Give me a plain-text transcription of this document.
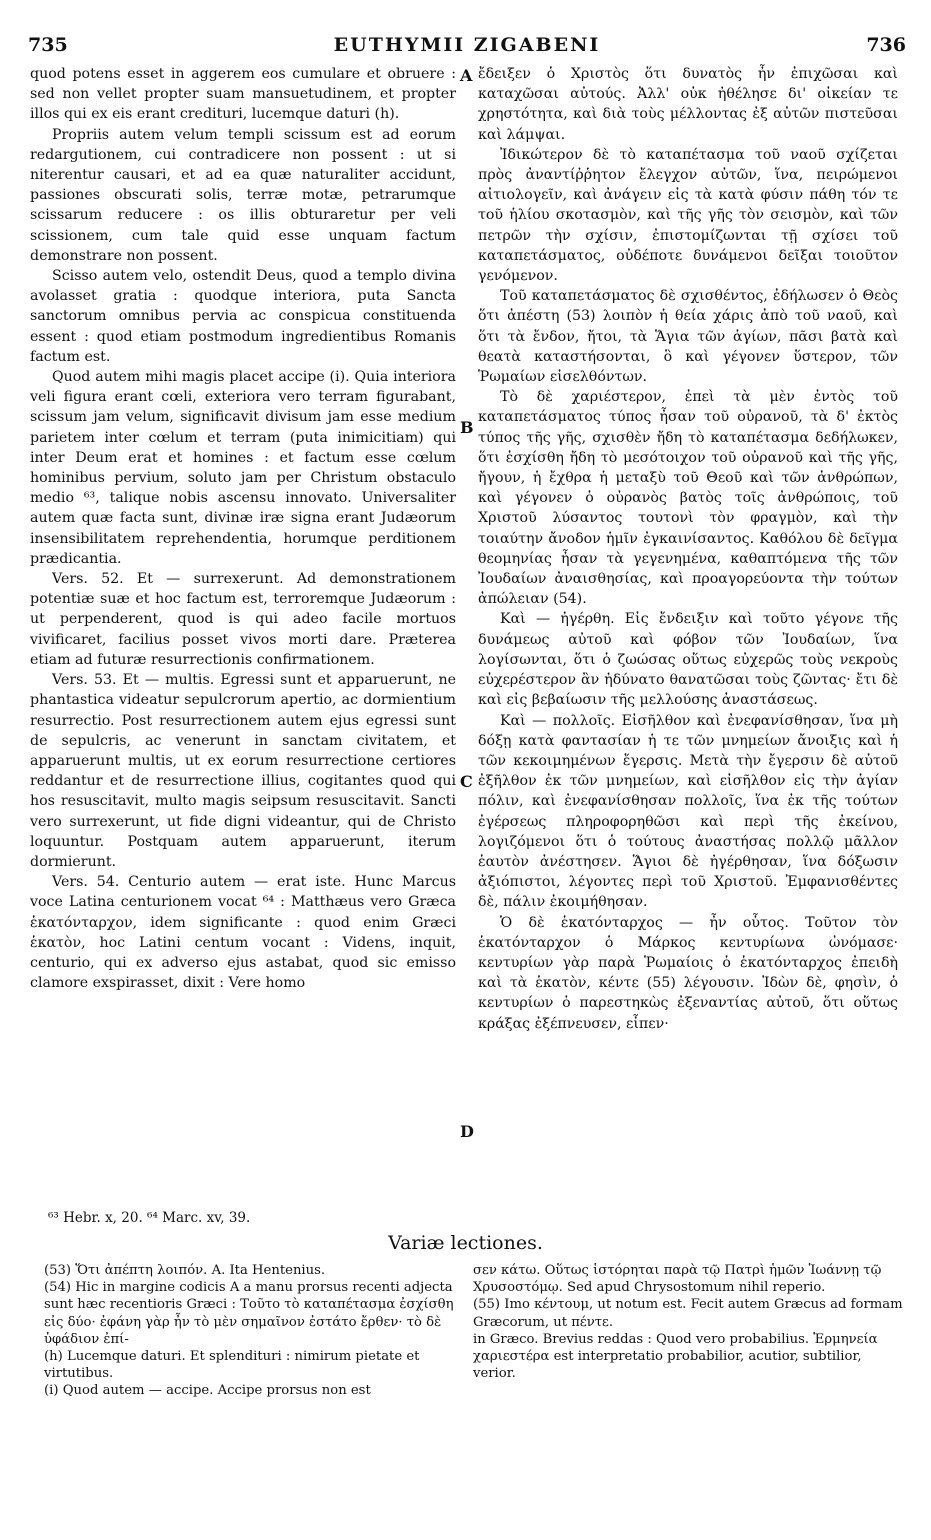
735	EUTHYMII ZIGABENI	736

quod potens esset in aggerem eos cumulare et obruere : sed non vellet propter suam mansuetudinem, et propter illos qui ex eis erant credituri, lucemque daturi (h).

Propriis autem velum templi scissum est ad eorum redargutionem, cui contradicere non possent : ut si niterentur causari, et ad ea quæ naturaliter accidunt, passiones obscurati solis, terræ motæ, petrarumque scissarum reducere : os illis obturaretur per veli scissionem, cum tale quid esse unquam factum demonstrare non possent.

Scisso autem velo, ostendit Deus, quod a templo divina avolasset gratia : quodque interiora, puta Sancta sanctorum omnibus pervia ac conspicua constituenda essent : quod etiam postmodum ingredientibus Romanis factum est.

Quod autem mihi magis placet accipe (i). Quia interiora veli figura erant cœli, exteriora vero terram figurabant, scissum jam velum, significavit divisum jam esse medium parietem inter cœlum et terram (puta inimicitiam) qui inter Deum erat et homines : et factum esse cœlum hominibus pervium, soluto jam per Christum obstaculo medio ⁶³, talique nobis ascensu innovato. Universaliter autem quæ facta sunt, divinæ iræ signa erant Judæorum insensibilitatem reprehendentia, horumque perditionem prædicantia.

Vers. 52. Et — surrexerunt. Ad demonstrationem potentiæ suæ et hoc factum est, terroremque Judæorum : ut perpenderent, quod is qui adeo facile mortuos vivificaret, facilius posset vivos morti dare. Præterea etiam ad futuræ resurrectionis confirmationem.

Vers. 53. Et — multis. Egressi sunt et apparuerunt, ne phantastica videatur sepulcrorum apertio, ac dormientium resurrectio. Post resurrectionem autem ejus egressi sunt de sepulcris, ac venerunt in sanctam civitatem, et apparuerunt multis, ut ex eorum resurrectione certiores reddantur et de resurrectione illius, cogitantes quod qui hos resuscitavit, multo magis seipsum resuscitavit. Sancti vero surrexerunt, ut fide digni videantur, qui de Christo loquuntur. Postquam autem apparuerunt, iterum dormierunt.

Vers. 54. Centurio autem — erat iste. Hunc Marcus voce Latina centurionem vocat ⁶⁴ : Matthæus vero Græca ἑκατόνταρχον, idem significante : quod enim Græci ἑκατὸν, hoc Latini centum vocant : Videns, inquit, centurio, qui ex adverso ejus astabat, quod sic emisso clamore exspirasset, dixit : Vere homo

ἔδειξεν ὁ Χριστὸς ὅτι δυνατὸς ἦν ἐπιχῶσαι καὶ καταχῶσαι αὐτούς. Ἀλλ' οὐκ ἠθέλησε δι' οἰκείαν τε χρηστότητα, καὶ διὰ τοὺς μέλλοντας ἐξ αὐτῶν πιστεῦσαι καὶ λάμψαι.

Ἰδικώτερον δὲ τὸ καταπέτασμα τοῦ ναοῦ σχίζεται πρὸς ἀναντίῤῥητον ἔλεγχον αὐτῶν, ἵνα, πειρώμενοι αἰτιολογεῖν, καὶ ἀνάγειν εἰς τὰ κατὰ φύσιν πάθη τόν τε τοῦ ἡλίου σκοτασμὸν, καὶ τῆς γῆς τὸν σεισμὸν, καὶ τῶν πετρῶν τὴν σχίσιν, ἐπιστομίζωνται τῇ σχίσει τοῦ καταπετάσματος, οὐδέποτε δυνάμενοι δεῖξαι τοιοῦτον γενόμενον.

Τοῦ καταπετάσματος δὲ σχισθέντος, ἐδήλωσεν ὁ Θεὸς ὅτι ἀπέστη (53) λοιπὸν ἡ θεία χάρις ἀπὸ τοῦ ναοῦ, καὶ ὅτι τὰ ἔνδον, ἤτοι, τὰ Ἅγια τῶν ἁγίων, πᾶσι βατὰ καὶ θεατὰ καταστήσονται, ὃ καὶ γέγονεν ὕστερον, τῶν Ῥωμαίων εἰσελθόντων.

Τὸ δὲ χαριέστερον, ἐπεὶ τὰ μὲν ἐντὸς τοῦ καταπετάσματος τύπος ἦσαν τοῦ οὐρανοῦ, τὰ δ' ἐκτὸς τύπος τῆς γῆς, σχισθὲν ἤδη τὸ καταπέτασμα δεδήλωκεν, ὅτι ἐσχίσθη ἤδη τὸ μεσότοιχον τοῦ οὐρανοῦ καὶ τῆς γῆς, ἤγουν, ἡ ἔχθρα ἡ μεταξὺ τοῦ Θεοῦ καὶ τῶν ἀνθρώπων, καὶ γέγονεν ὁ οὐρανὸς βατὸς τοῖς ἀνθρώποις, τοῦ Χριστοῦ λύσαντος τουτονὶ τὸν φραγμὸν, καὶ τὴν τοιαύτην ἄνοδον ἡμῖν ἐγκαινίσαντος. Καθόλου δὲ δεῖγμα θεομηνίας ἦσαν τὰ γεγενημένα, καθαπτόμενα τῆς τῶν Ἰουδαίων ἀναισθησίας, καὶ προαγορεύοντα τὴν τούτων ἀπώλειαν (54).

Καὶ — ἠγέρθη. Εἰς ἔνδειξιν καὶ τοῦτο γέγονε τῆς δυνάμεως αὐτοῦ καὶ φόβον τῶν Ἰουδαίων, ἵνα λογίσωνται, ὅτι ὁ ζωώσας οὕτως εὐχερῶς τοὺς νεκροὺς εὐχερέστερον ἂν ἠδύνατο θανατῶσαι τοὺς ζῶντας· ἔτι δὲ καὶ εἰς βεβαίωσιν τῆς μελλούσης ἀναστάσεως.

Καὶ — πολλοῖς. Εἰσῆλθον καὶ ἐνεφανίσθησαν, ἵνα μὴ δόξῃ κατὰ φαντασίαν ἡ τε τῶν μνημείων ἄνοιξις καὶ ἡ τῶν κεκοιμημένων ἔγερσις. Μετὰ τὴν ἔγερσιν δὲ αὐτοῦ ἐξῆλθον ἐκ τῶν μνημείων, καὶ εἰσῆλθον εἰς τὴν ἁγίαν πόλιν, καὶ ἐνεφανίσθησαν πολλοῖς, ἵνα ἐκ τῆς τούτων ἐγέρσεως πληροφορηθῶσι καὶ περὶ τῆς ἐκείνου, λογιζόμενοι ὅτι ὁ τούτους ἀναστήσας πολλῷ μᾶλλον ἑαυτὸν ἀνέστησεν. Ἅγιοι δὲ ἠγέρθησαν, ἵνα δόξωσιν ἀξιόπιστοι, λέγοντες περὶ τοῦ Χριστοῦ. Ἐμφανισθέντες δὲ, πάλιν ἐκοιμήθησαν.

Ὁ δὲ ἑκατόνταρχος — ἦν οὗτος. Τοῦτον τὸν ἑκατόνταρχον ὁ Μάρκος κεντυρίωνα ὠνόμασε· κεντυρίων γὰρ παρὰ Ῥωμαίοις ὁ ἑκατόνταρχος ἐπειδὴ καὶ τὰ ἑκατὸν, κέντε (55) λέγουσιν. Ἰδὼν δὲ, φησὶν, ὁ κεντυρίων ὁ παρεστηκὼς ἐξεναντίας αὐτοῦ, ὅτι οὕτως κράξας ἐξέπνευσεν, εἶπεν·

A
B
C
D
⁶³ Hebr. x, 20. ⁶⁴ Marc. xv, 39.
Variæ lectiones.

(53) Ὅτι ἀπέπτη λοιπόν. A. Ita Hentenius.

(54) Hic in margine codicis A a manu prorsus recenti adjecta sunt hæc recentioris Græci : Τοῦτο τὸ καταπέτασμα ἐσχίσθη εἰς δύο· ἐφάνη γὰρ ἦν τὸ μὲν σημαῖνον ἐστάτο ἔρθεν· τὸ δὲ ὑφάδιον ἐπί-

(h) Lucemque daturi. Et splendituri : nimirum pietate et virtutibus.

(i) Quod autem — accipe. Accipe prorsus non est

σεν κάτω. Οὕτως ἱστόρηται παρὰ τῷ Πατρὶ ἡμῶν Ἰωάννῃ τῷ Χρυσοστόμῳ. Sed apud Chrysostomum nihil reperio.

(55) Imo κέντουμ, ut notum est. Fecit autem Græcus ad formam Græcorum, ut πέντε.

in Græco. Brevius reddas : Quod vero probabilius. Ἑρμηνεία χαριεστέρα est interpretatio probabilior, acutior, subtilior, verior.
